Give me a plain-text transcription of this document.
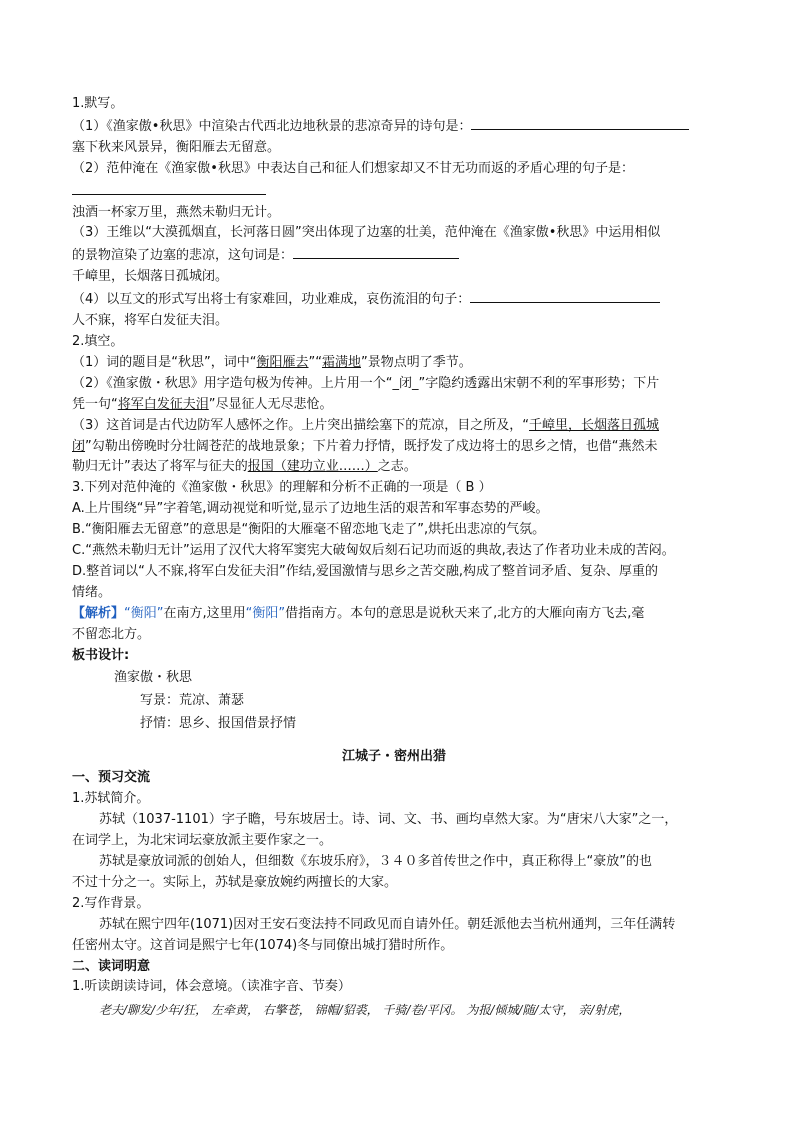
1.默写。
（1）《渔家傲•秋思》中渲染古代西北边地秋景的悲凉奇异的诗句是：
塞下秋来风景异，衡阳雁去无留意。
（2）范仲淹在《渔家傲•秋思》中表达自己和征人们想家却又不甘无功而返的矛盾心理的句子是：
浊酒一杯家万里，燕然未勒归无计。
（3）王维以“大漠孤烟直，长河落日圆”突出体现了边塞的壮美，范仲淹在《渔家傲•秋思》中运用相似
的景物渲染了边塞的悲凉，这句词是：
千嶂里，长烟落日孤城闭。
（4）以互文的形式写出将士有家难回，功业难成，哀伤流泪的句子：
人不寐，将军白发征夫泪。
2.填空。
（1）词的题目是“秋思”，词中“衡阳雁去”“霜满地”景物点明了季节。
（2）《渔家傲・秋思》用字造句极为传神。上片用一个“_闭_”字隐约透露出宋朝不利的军事形势；下片
凭一句“将军白发征夫泪”尽显征人无尽悲怆。
（3）这首词是古代边防军人感怀之作。上片突出描绘塞下的荒凉，目之所及，“千嶂里，长烟落日孤城
闭”勾勒出傍晚时分壮阔苍茫的战地景象；下片着力抒情，既抒发了戍边将士的思乡之情，也借“燕然未
勒归无计”表达了将军与征夫的报国（建功立业……）之志。
3.下列对范仲淹的《渔家傲・秋思》的理解和分析不正确的一项是（ B ）
A.上片围绕“异”字着笔,调动视觉和听觉,显示了边地生活的艰苦和军事态势的严峻。
B.“衡阳雁去无留意”的意思是“衡阳的大雁毫不留恋地飞走了”,烘托出悲凉的气氛。
C.“燕然未勒归无计”运用了汉代大将军窦宪大破匈奴后刻石记功而返的典故,表达了作者功业未成的苦闷。
D.整首词以“人不寐,将军白发征夫泪”作结,爱国激情与思乡之苦交融,构成了整首词矛盾、复杂、厚重的
情绪。
【解析】“衡阳”在南方,这里用“衡阳”借指南方。本句的意思是说秋天来了,北方的大雁向南方飞去,毫
不留恋北方。
板书设计:
渔家傲・秋思
写景：荒凉、萧瑟
抒情：思乡、报国借景抒情
江城子・密州出猎
一、预习交流
1.苏轼简介。
苏轼（1037-1101）字子瞻，号东坡居士。诗、词、文、书、画均卓然大家。为“唐宋八大家”之一，
在词学上，为北宋词坛豪放派主要作家之一。
苏轼是豪放词派的创始人，但细数《东坡乐府》，３４０多首传世之作中，真正称得上“豪放”的也
不过十分之一。实际上，苏轼是豪放婉约两擅长的大家。
2.写作背景。
苏轼在熙宁四年(1071)因对王安石变法持不同政见而自请外任。朝廷派他去当杭州通判，三年任满转
任密州太守。这首词是熙宁七年(1074)冬与同僚出城打猎时所作。
二、读词明意
1.听读朗读诗词，体会意境。（读准字音、节奏）
老夫/聊发/少年/狂， 左牵黄， 右擎苍， 锦帽/貂裘， 千骑/卷/平冈。 为报/倾城/随/太守， 亲/射虎，
